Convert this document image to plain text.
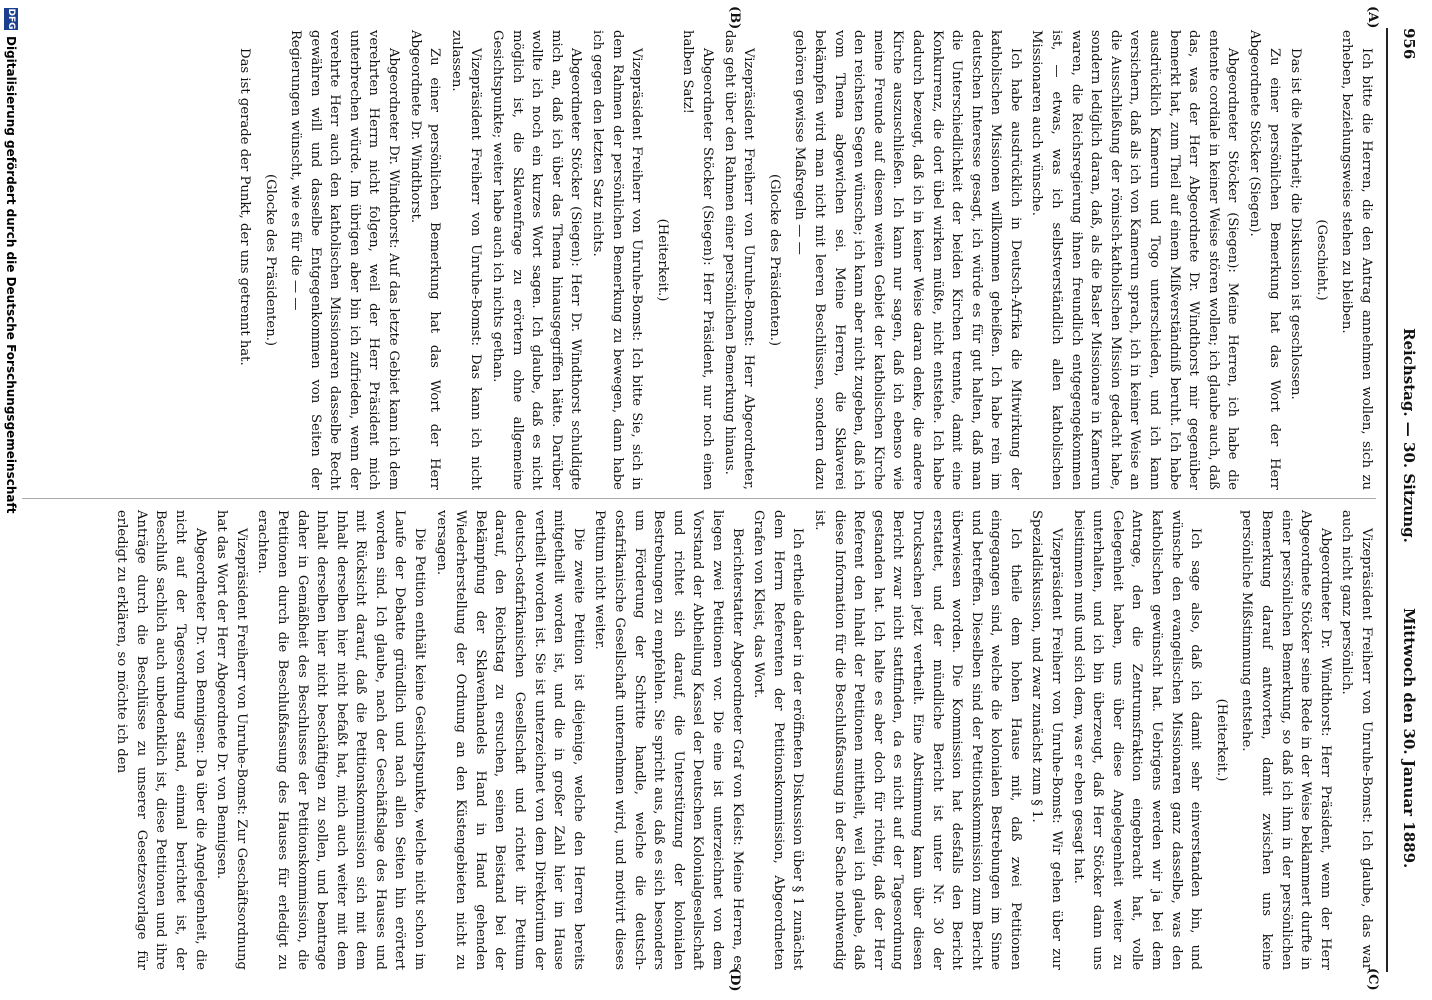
956
Reichstag. — 30. Sitzung.
Mittwoch den 30. Januar 1889.
(A)
(B)
(C)
(D)

Ich bitte die Herren, die den Antrag annehmen wollen, sich zu erheben, beziehungsweise stehen zu bleiben.

(Geschieht.)

Das ist die Mehrheit; die Diskussion ist geschlossen.

Zu einer persönlichen Bemerkung hat das Wort der Herr Abgeordnete Stöcker (Siegen).

Abgeordneter Stöcker (Siegen): Meine Herren, ich habe die entente cordiale in keiner Weise stören wollen; ich glaube auch, daß das, was der Herr Abgeordnete Dr. Windthorst mir gegenüber bemerkt hat, zum Theil auf einem Mißverständniß beruht. Ich habe ausdrücklich Kamerun und Togo unterschieden, und ich kann versichern, daß als ich von Kamerun sprach, ich in keiner Weise an die Ausschließung der römisch-katholischen Mission gedacht habe, sondern lediglich daran, daß, als die Basler Missionare in Kamerun waren, die Reichsregierung ihnen freundlich entgegengekommen ist, — etwas, was ich selbstverständlich allen katholischen Missionaren auch wünsche.

Ich habe ausdrücklich in Deutsch-Afrika die Mitwirkung der katholischen Missionen willkommen geheißen. Ich habe rein im deutschen Interesse gesagt, ich würde es für gut halten, daß man die Unterschiedlichkeit der beiden Kirchen trennte, damit eine Konkurrenz, die dort übel wirken müßte, nicht entstehe. Ich habe dadurch bezeugt, daß ich in keiner Weise daran denke, die andere Kirche auszuschließen. Ich kann nur sagen, daß ich ebenso wie meine Freunde auf diesem weiten Gebiet der katholischen Kirche den reichsten Segen wünsche; ich kann aber nicht zugeben, daß ich vom Thema abgewichen sei. Meine Herren, die Sklaverei bekämpfen wird man nicht mit leeren Beschlüssen, sondern dazu gehören gewisse Maßregeln — —

(Glocke des Präsidenten.)

Vizepräsident Freiherr von Unruhe-Bomst: Herr Abgeordneter, das geht über den Rahmen einer persönlichen Bemerkung hinaus.

Abgeordneter Stöcker (Siegen): Herr Präsident, nur noch einen halben Satz!

(Heiterkeit.)

Vizepräsident Freiherr von Unruhe-Bomst: Ich bitte Sie, sich in dem Rahmen der persönlichen Bemerkung zu bewegen, dann habe ich gegen den letzten Satz nichts.

Abgeordneter Stöcker (Siegen): Herr Dr. Windthorst schuldigte mich an, daß ich über das Thema hinausgegriffen hätte. Darüber wollte ich noch ein kurzes Wort sagen. Ich glaube, daß es nicht möglich ist, die Sklavenfrage zu erörtern ohne allgemeine Gesichtspunkte; weiter habe auch ich nichts gethan.

Vizepräsident Freiherr von Unruhe-Bomst: Das kann ich nicht zulassen.

Zu einer persönlichen Bemerkung hat das Wort der Herr Abgeordnete Dr. Windthorst.

Abgeordneter Dr. Windthorst: Auf das letzte Gebiet kann ich dem verehrten Herrn nicht folgen, weil der Herr Präsident mich unterbrechen würde. Im übrigen aber bin ich zufrieden, wenn der verehrte Herr auch den katholischen Missionaren dasselbe Recht gewähren will und dasselbe Entgegenkommen von Seiten der Regierungen wünscht, wie es für die — —

(Glocke des Präsidenten.)

Das ist gerade der Punkt, der uns getrennt hat.

Vizepräsident Freiherr von Unruhe-Bomst: Ich glaube, das war auch nicht ganz persönlich.

Abgeordneter Dr. Windthorst: Herr Präsident, wenn der Herr Abgeordnete Stöcker seine Rede in der Weise beklammert durfte in einer persönlichen Bemerkung, so daß ich ihm in der persönlichen Bemerkung darauf antworten, damit zwischen uns keine persönliche Mißstimmung entstehe.

(Heiterkeit.)

Ich sage also, daß ich damit sehr einverstanden bin, und wünsche den evangelischen Missionaren ganz dasselbe, was den katholischen gewünscht hat. Uebrigens werden wir ja bei dem Antrage, den die Zentrumsfraktion eingebracht hat, volle Gelegenheit haben, uns über diese Angelegenheit weiter zu unterhalten, und ich bin überzeugt, daß Herr Stöcker dann uns beistimmen muß und sich dem, was er eben gesagt hat.

Vizepräsident Freiherr von Unruhe-Bomst: Wir gehen über zur Spezialdiskussion, und zwar zunächst zum § 1.

Ich theile dem hohen Hause mit, daß zwei Petitionen eingegangen sind, welche die kolonialen Bestrebungen im Sinne und betreffen. Dieselben sind der Petitionskommission zum Bericht überwiesen worden. Die Kommission hat desfalls den Bericht erstattet, und der mündliche Bericht ist unter Nr. 30 der Drucksachen jetzt vertheilt. Eine Abstimmung kann über diesen Bericht zwar nicht stattfinden, da es nicht auf der Tagesordnung gestanden hat. Ich halte es aber doch für richtig, daß der Herr Referent den Inhalt der Petitionen mittheilt, weil ich glaube, daß diese Information für die Beschlußfassung in der Sache nothwendig ist.

Ich ertheile daher in der eröffneten Diskussion über § 1 zunächst dem Herrn Referenten der Petitionskommission, Abgeordneten Grafen von Kleist, das Wort.

Berichterstatter Abgeordneter Graf von Kleist: Meine Herren, es liegen zwei Petitionen vor. Die eine ist unterzeichnet von dem Vorstand der Abtheilung Kassel der Deutschen Kolonialgesellschaft und richtet sich darauf, die Unterstützung der kolonialen Bestrebungen zu empfehlen. Sie spricht aus, daß es sich besonders um Förderung der Schritte handle, welche die deutsch-ostafrikanische Gesellschaft unternehmen wird, und motivirt dieses Petitum nicht weiter.

Die zweite Petition ist diejenige, welche den Herren bereits mitgetheilt worden ist, und die in großer Zahl hier im Hause vertheilt worden ist. Sie ist unterzeichnet von dem Direktorium der deutsch-ostafrikanischen Gesellschaft und richtet ihr Petitum darauf, den Reichstag zu ersuchen, seinen Beistand bei der Bekämpfung der Sklavenhandels Hand in Hand gehenden Wiederherstellung der Ordnung an den Küstengebieten nicht zu versagen.

Die Petition enthält keine Gesichtspunkte, welche nicht schon im Laufe der Debatte gründlich und nach allen Seiten hin erörtert worden sind. Ich glaube, nach der Geschäftslage des Hauses und mit Rücksicht darauf, daß die Petitionskommission sich mit dem Inhalt derselben hier nicht befaßt hat, mich auch weiter mit dem Inhalt derselben hier nicht beschäftigen zu sollen, und beantrage daher in Gemäßheit des Beschlusses der Petitionskommission, die Petitionen durch die Beschlußfassung des Hauses für erledigt zu erachten.

Vizepräsident Freiherr von Unruhe-Bomst: Zur Geschäftsordnung hat das Wort der Herr Abgeordnete Dr. von Bennigsen.

Abgeordneter Dr. von Bennigsen: Da über die Angelegenheit, die nicht auf der Tagesordnung stand, einmal berichtet ist, der Beschluß sachlich auch unbedenklich ist, diese Petitionen und ihre Anträge durch die Beschlüsse zu unserer Gesetzesvorlage für erledigt zu erklären, so möchte ich den

DFG
Digitalisierung gefördert durch die Deutsche Forschungsgemeinschaft
